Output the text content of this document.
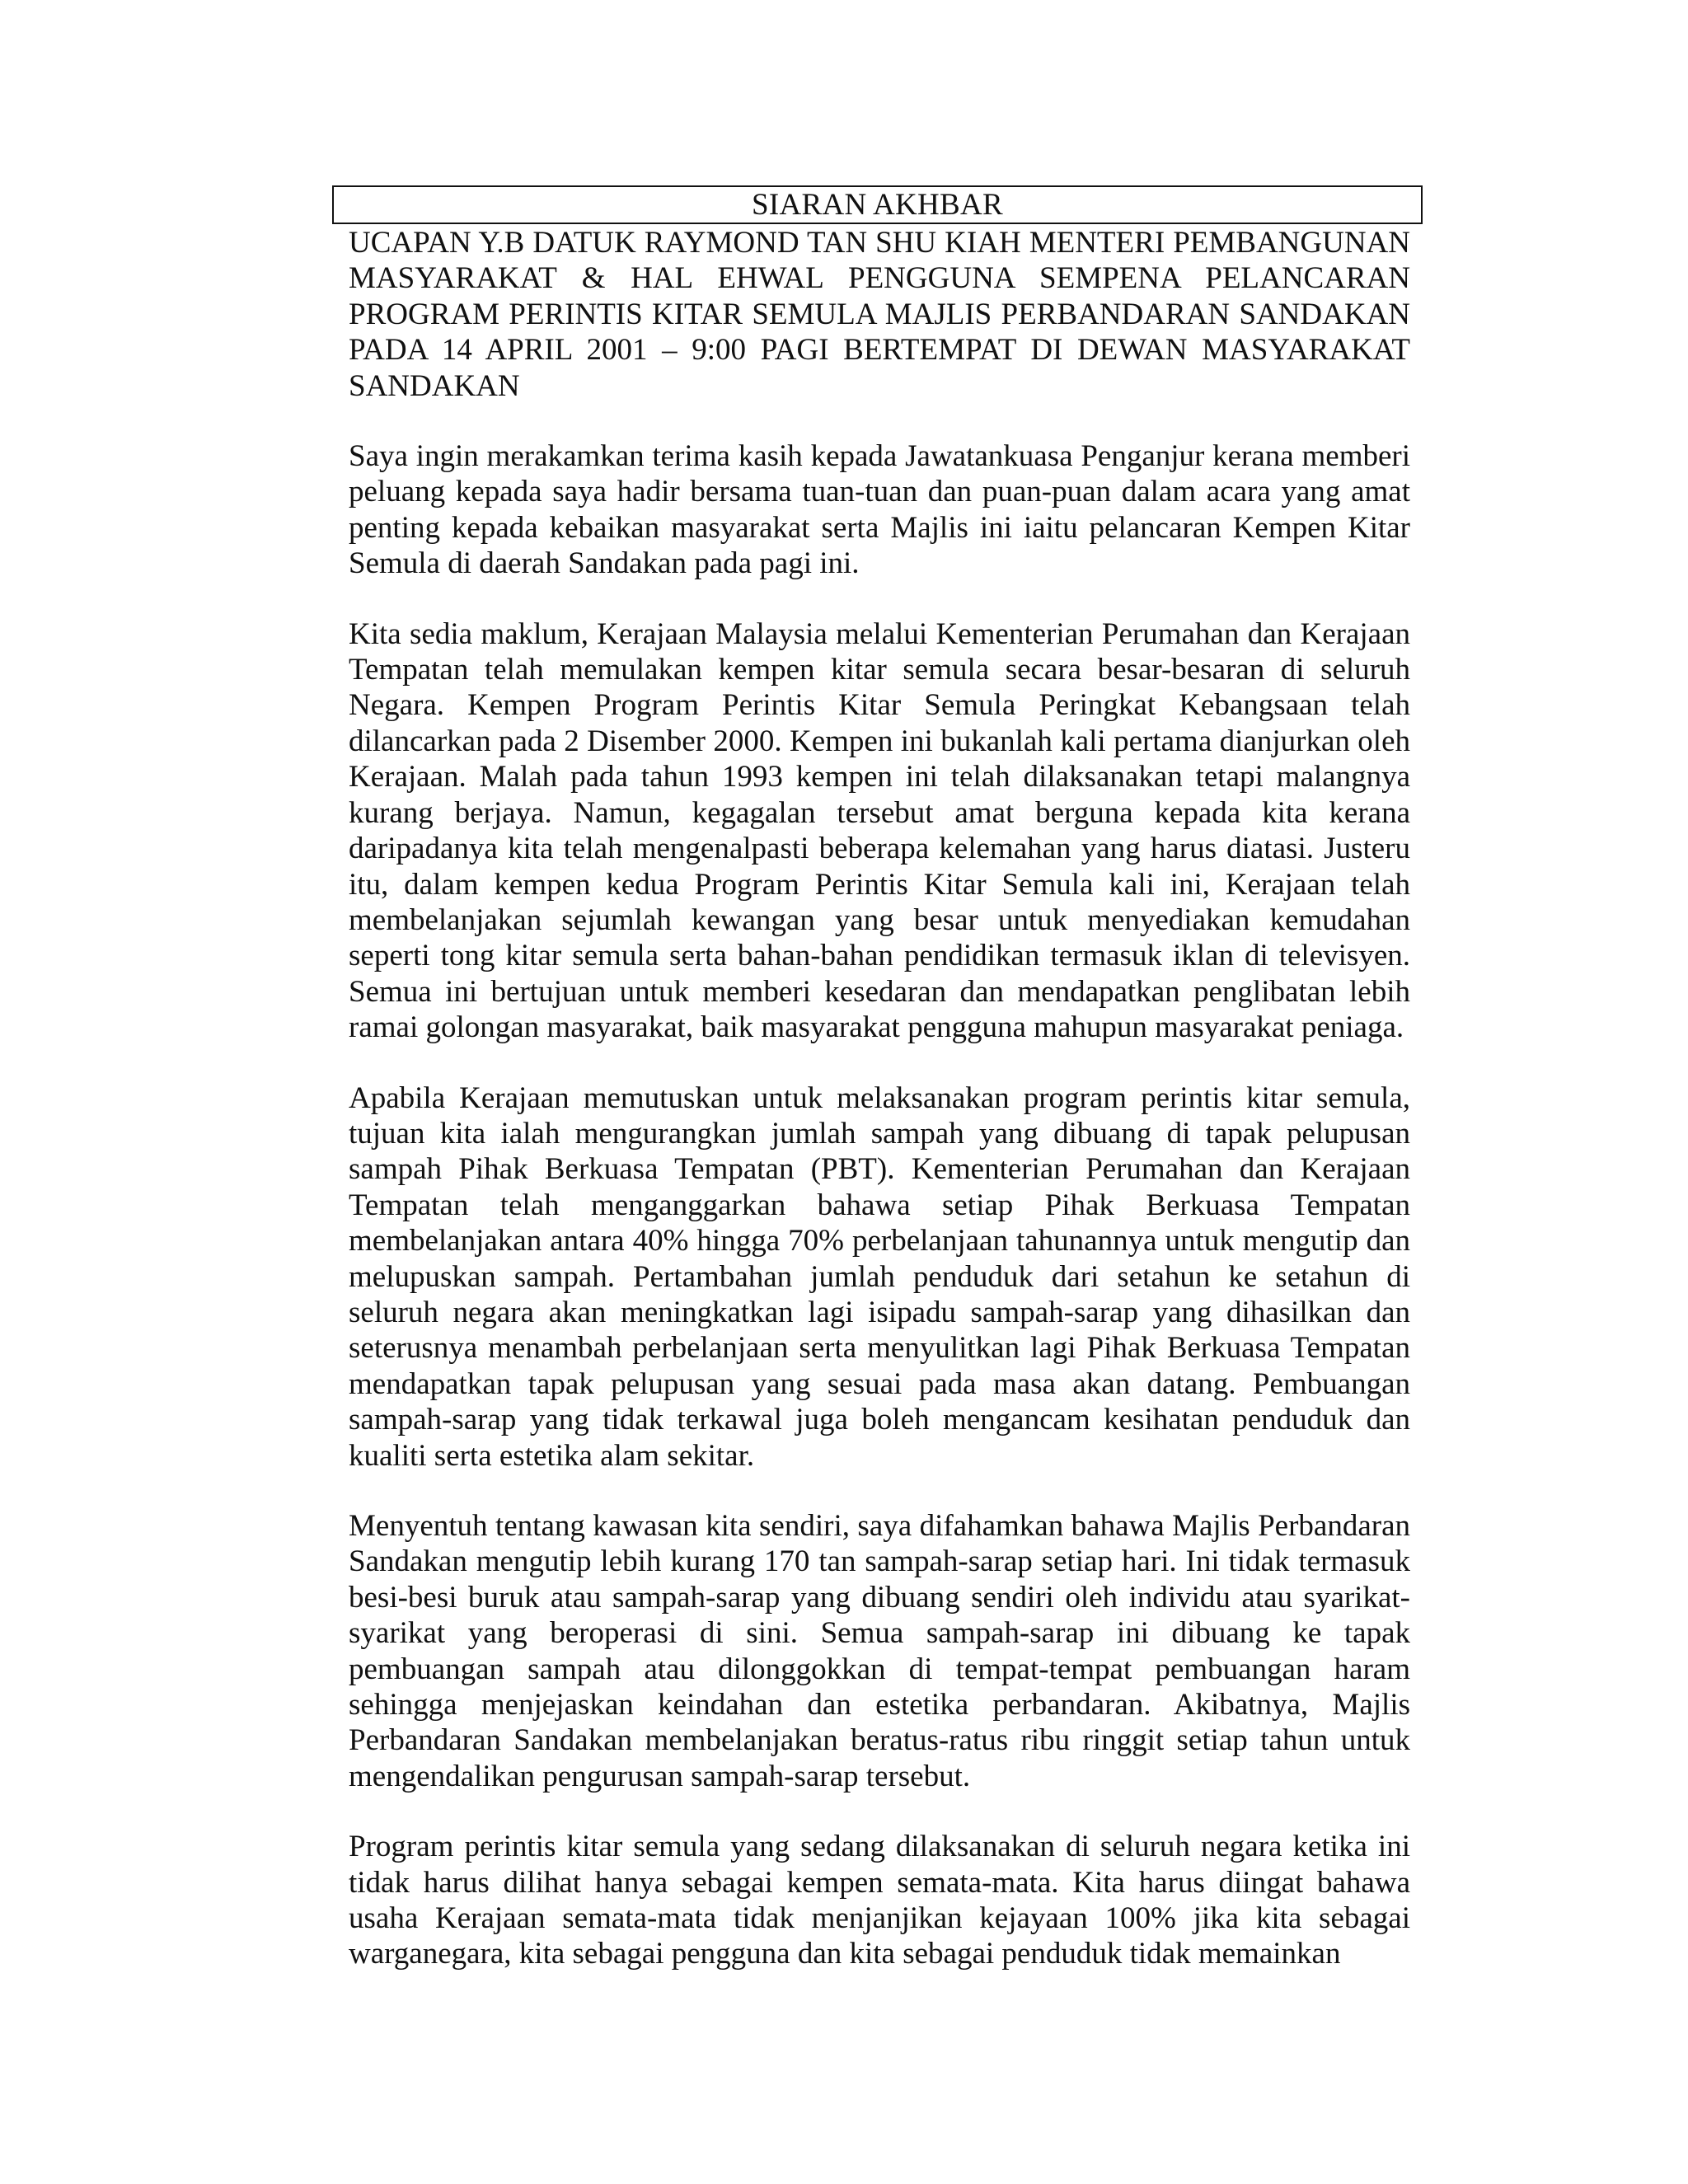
SIARAN AKHBAR

UCAPAN Y.B DATUK RAYMOND TAN SHU KIAH MENTERI PEMBANGUNAN MASYARAKAT & HAL EHWAL PENGGUNA SEMPENA PELANCARAN PROGRAM PERINTIS KITAR SEMULA MAJLIS PERBANDARAN SANDAKAN PADA 14 APRIL 2001 – 9:00 PAGI BERTEMPAT DI DEWAN MASYARAKAT SANDAKAN

Saya ingin merakamkan terima kasih kepada Jawatankuasa Penganjur kerana memberi peluang kepada saya hadir bersama tuan-tuan dan puan-puan dalam acara yang amat penting kepada kebaikan masyarakat serta Majlis ini iaitu pelancaran Kempen Kitar Semula di daerah Sandakan pada pagi ini.

Kita sedia maklum, Kerajaan Malaysia melalui Kementerian Perumahan dan Kerajaan Tempatan telah memulakan kempen kitar semula secara besar-besaran di seluruh Negara. Kempen Program Perintis Kitar Semula Peringkat Kebangsaan telah dilancarkan pada 2 Disember 2000. Kempen ini bukanlah kali pertama dianjurkan oleh Kerajaan. Malah pada tahun 1993 kempen ini telah dilaksanakan tetapi malangnya kurang berjaya. Namun, kegagalan tersebut amat berguna kepada kita kerana daripadanya kita telah mengenalpasti beberapa kelemahan yang harus diatasi. Justeru itu, dalam kempen kedua Program Perintis Kitar Semula kali ini, Kerajaan telah membelanjakan sejumlah kewangan yang besar untuk menyediakan kemudahan seperti tong kitar semula serta bahan-bahan pendidikan termasuk iklan di televisyen. Semua ini bertujuan untuk memberi kesedaran dan mendapatkan penglibatan lebih ramai golongan masyarakat, baik masyarakat pengguna mahupun masyarakat peniaga.

Apabila Kerajaan memutuskan untuk melaksanakan program perintis kitar semula, tujuan kita ialah mengurangkan jumlah sampah yang dibuang di tapak pelupusan sampah Pihak Berkuasa Tempatan (PBT). Kementerian Perumahan dan Kerajaan Tempatan telah menganggarkan bahawa setiap Pihak Berkuasa Tempatan membelanjakan antara 40% hingga 70% perbelanjaan tahunannya untuk mengutip dan melupuskan sampah. Pertambahan jumlah penduduk dari setahun ke setahun di seluruh negara akan meningkatkan lagi isipadu sampah-sarap yang dihasilkan dan seterusnya menambah perbelanjaan serta menyulitkan lagi Pihak Berkuasa Tempatan mendapatkan tapak pelupusan yang sesuai pada masa akan datang. Pembuangan sampah-sarap yang tidak terkawal juga boleh mengancam kesihatan penduduk dan kualiti serta estetika alam sekitar.

Menyentuh tentang kawasan kita sendiri, saya difahamkan bahawa Majlis Perbandaran Sandakan mengutip lebih kurang 170 tan sampah-sarap setiap hari. Ini tidak termasuk besi-besi buruk atau sampah-sarap yang dibuang sendiri oleh individu atau syarikat-syarikat yang beroperasi di sini. Semua sampah-sarap ini dibuang ke tapak pembuangan sampah atau dilonggokkan di tempat-tempat pembuangan haram sehingga menjejaskan keindahan dan estetika perbandaran. Akibatnya, Majlis Perbandaran Sandakan membelanjakan beratus-ratus ribu ringgit setiap tahun untuk mengendalikan pengurusan sampah-sarap tersebut.

Program perintis kitar semula yang sedang dilaksanakan di seluruh negara ketika ini tidak harus dilihat hanya sebagai kempen semata-mata. Kita harus diingat bahawa usaha Kerajaan semata-mata tidak menjanjikan kejayaan 100% jika kita sebagai warganegara, kita sebagai pengguna dan kita sebagai penduduk tidak memainkan
